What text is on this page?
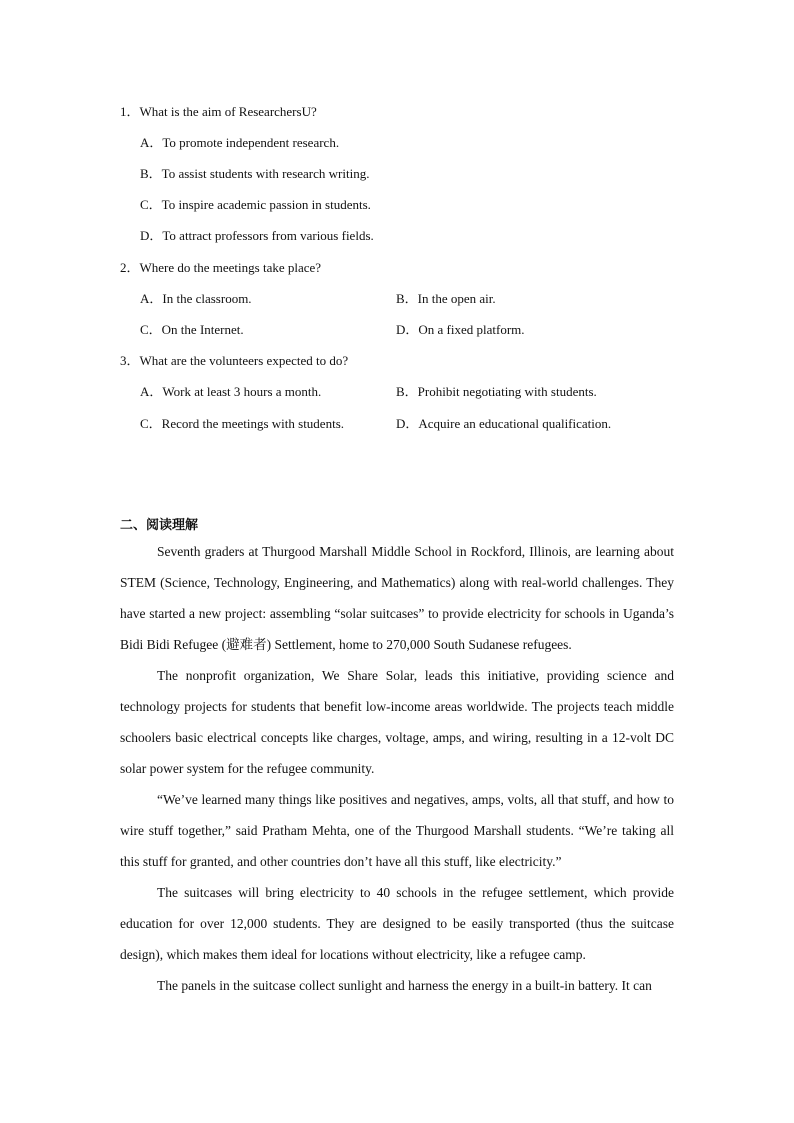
1．What is the aim of ResearchersU?
A．To promote independent research.
B．To assist students with research writing.
C．To inspire academic passion in students.
D．To attract professors from various fields.
2．Where do the meetings take place?
A．In the classroom.	B．In the open air.
C．On the Internet.	D．On a fixed platform.
3．What are the volunteers expected to do?
A．Work at least 3 hours a month.	B．Prohibit negotiating with students.
C．Record the meetings with students.	D．Acquire an educational qualification.
二、阅读理解

Seventh graders at Thurgood Marshall Middle School in Rockford, Illinois, are learning about STEM (Science, Technology, Engineering, and Mathematics) along with real-world challenges. They have started a new project: assembling “solar suitcases” to provide electricity for schools in Uganda’s Bidi Bidi Refugee (避难者) Settlement, home to 270,000 South Sudanese refugees.

The nonprofit organization, We Share Solar, leads this initiative, providing science and technology projects for students that benefit low-income areas worldwide. The projects teach middle schoolers basic electrical concepts like charges, voltage, amps, and wiring, resulting in a 12-volt DC solar power system for the refugee community.

“We’ve learned many things like positives and negatives, amps, volts, all that stuff, and how to wire stuff together,” said Pratham Mehta, one of the Thurgood Marshall students. “We’re taking all this stuff for granted, and other countries don’t have all this stuff, like electricity.”

The suitcases will bring electricity to 40 schools in the refugee settlement, which provide education for over 12,000 students. They are designed to be easily transported (thus the suitcase design), which makes them ideal for locations without electricity, like a refugee camp.

The panels in the suitcase collect sunlight and harness the energy in a built-in battery. It can
